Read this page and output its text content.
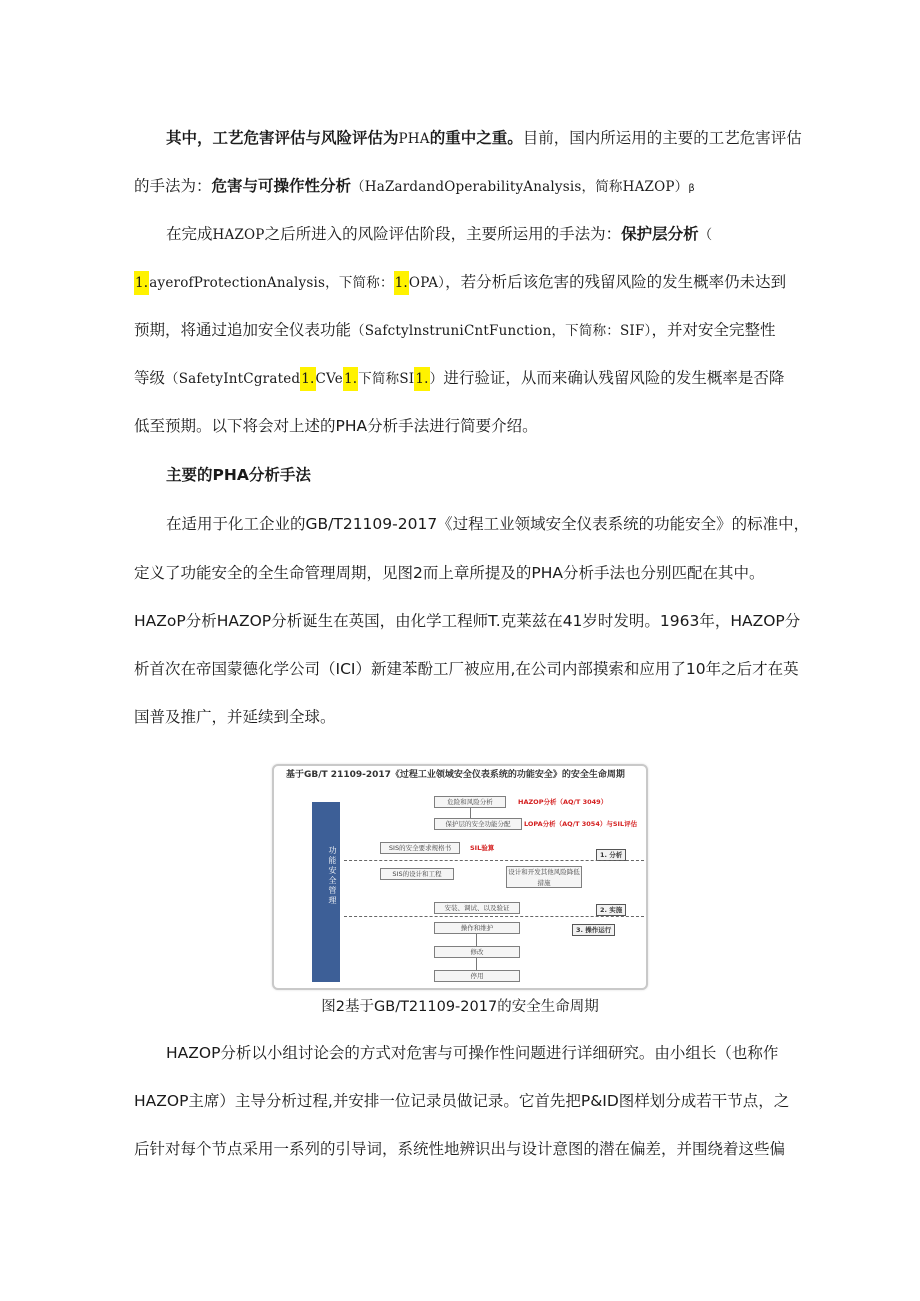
其中，工艺危害评估与风险评估为PHA的重中之重。目前，国内所运用的主要的工艺危害评估
的手法为：危害与可操作性分析（HaZardandOperabilityAnalysis，简称HAZOP）β
在完成HAZOP之后所进入的风险评估阶段，主要所运用的手法为：保护层分析（
1.ayerofProtectionAnalysis，下简称：1.OPA），若分析后该危害的残留风险的发生概率仍未达到
预期，将通过追加安全仪表功能（SafctylnstruniCntFunction，下简称：SIF），并对安全完整性
等级（SafetyIntCgrated1.CVe1.下简称SI1.）进行验证，从而来确认残留风险的发生概率是否降
低至预期。以下将会对上述的PHA分析手法进行简要介绍。
主要的PHA分析手法
在适用于化工企业的GB/T21109-2017《过程工业领域安全仪表系统的功能安全》的标准中，
定义了功能安全的全生命管理周期，见图2而上章所提及的PHA分析手法也分别匹配在其中。
HAZoP分析HAZOP分析诞生在英国，由化学工程师T.克莱兹在41岁时发明。1963年，HAZOP分
析首次在帝国蒙德化学公司（ICI）新建苯酚工厂被应用,在公司内部摸索和应用了10年之后才在英
国普及推广，并延续到全球。
基于GB/T 21109-2017《过程工业领域安全仪表系统的功能安全》的安全生命周期
功能安全管理
危险和风险分析	HAZOP分析（AQ/T 3049）
保护层的安全功能分配	LOPA分析（AQ/T 3054）与SIL评估
SIS的安全要求规格书	SIL验算
1. 分析
SIS的设计和工程	设计和开发其他风险降低措施
安装、调试、以及验证	2. 实施
操作和维护	3. 操作运行
修改
停用
图2基于GB/T21109-2017的安全生命周期
HAZOP分析以小组讨论会的方式对危害与可操作性问题进行详细研究。由小组长（也称作
HAZOP主席）主导分析过程,并安排一位记录员做记录。它首先把P&ID图样划分成若干节点，之
后针对每个节点采用一系列的引导词，系统性地辨识出与设计意图的潜在偏差，并围绕着这些偏
